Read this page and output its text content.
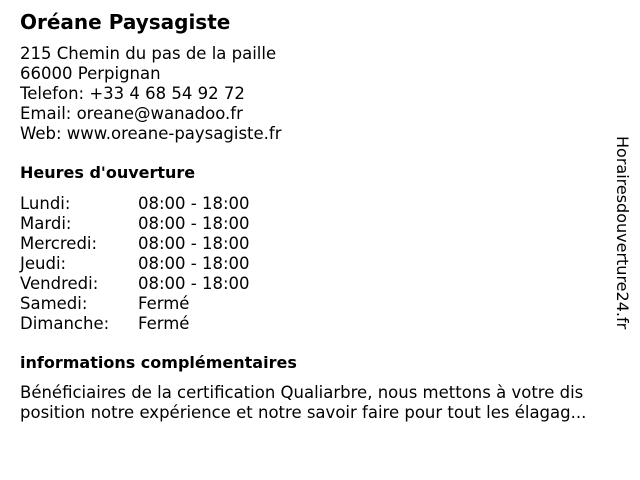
Oréane Paysagiste
215 Chemin du pas de la paille
66000 Perpignan
Telefon: +33 4 68 54 92 72
Email: oreane@wanadoo.fr
Web: www.oreane-paysagiste.fr
Heures d'ouverture
Lundi:	08:00 - 18:00
Mardi:	08:00 - 18:00
Mercredi: 08:00 - 18:00
Jeudi:	08:00 - 18:00
Vendredi: 08:00 - 18:00
Samedi:	Fermé
Dimanche: Fermé
informations complémentaires
Bénéficiaires de la certification Qualiarbre, nous mettons à votre dis
position notre expérience et notre savoir faire pour tout les élagag...
Horairesdouverture24.fr
